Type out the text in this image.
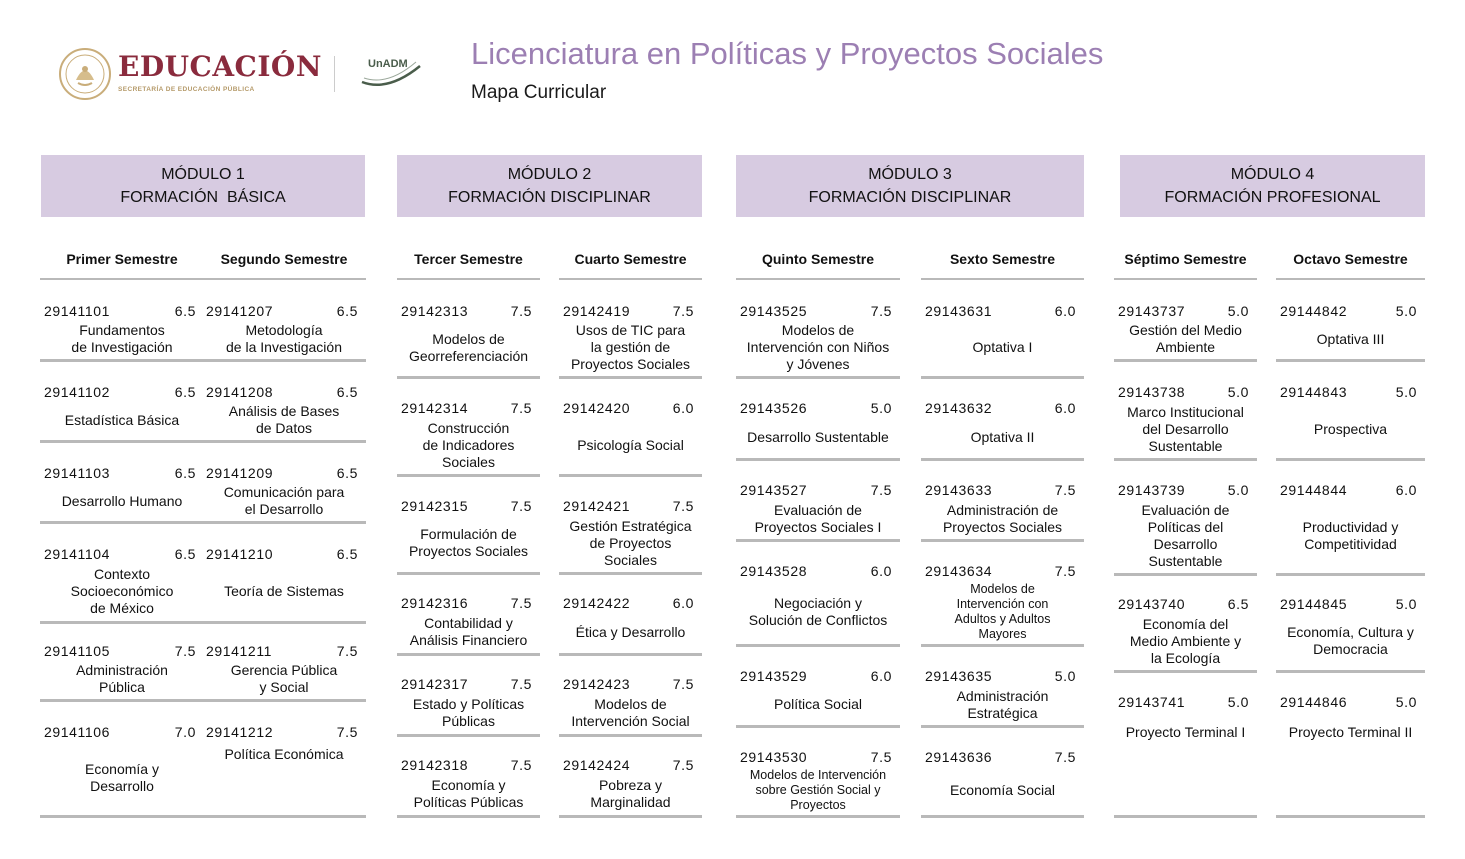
EDUCACIÓN
SECRETARÍA DE EDUCACIÓN PÚBLICA
UnADM Licenciatura en Políticas y Proyectos Sociales
Mapa Curricular
MÓDULO 1
FORMACIÓN  BÁSICA
MÓDULO 2
FORMACIÓN DISCIPLINAR
MÓDULO 3
FORMACIÓN DISCIPLINAR
MÓDULO 4
FORMACIÓN PROFESIONAL
Primer Semestre
29141101	6.5
Fundamentos
de Investigación
29141102	6.5
Estadística Básica
29141103	6.5
Desarrollo Humano
29141104	6.5
Contexto
Socioeconómico
de México
29141105	7.5
Administración
Pública
29141106	7.0
Economía y
Desarrollo
Segundo Semestre
29141207	6.5
Metodología
de la Investigación
29141208	6.5
Análisis de Bases
de Datos
29141209	6.5
Comunicación para
el Desarrollo
29141210	6.5
Teoría de Sistemas
29141211	7.5
Gerencia Pública
y Social
29141212	7.5
Política Económica
Tercer Semestre
29142313	7.5
Modelos de
Georreferenciación
29142314	7.5
Construcción
de Indicadores
Sociales
29142315	7.5
Formulación de
Proyectos Sociales
29142316	7.5
Contabilidad y
Análisis Financiero
29142317	7.5
Estado y Políticas
Públicas
29142318	7.5
Economía y
Políticas Públicas
Cuarto Semestre
29142419	7.5
Usos de TIC para
la gestión de
Proyectos Sociales
29142420	6.0
Psicología Social
29142421	7.5
Gestión Estratégica
de Proyectos
Sociales
29142422	6.0
Ética y Desarrollo
29142423	7.5
Modelos de
Intervención Social
29142424	7.5
Pobreza y
Marginalidad
Quinto Semestre
29143525	7.5
Modelos de
Intervención con Niños
y Jóvenes
29143526	5.0
Desarrollo Sustentable
29143527	7.5
Evaluación de
Proyectos Sociales I
29143528	6.0
Negociación y
Solución de Conflictos
29143529	6.0
Política Social
29143530	7.5
Modelos de Intervención
sobre Gestión Social y
Proyectos
Sexto Semestre
29143631	6.0
Optativa I
29143632	6.0
Optativa II
29143633	7.5
Administración de
Proyectos Sociales
29143634	7.5
Modelos de
Intervención con
Adultos y Adultos
Mayores
29143635	5.0
Administración
Estratégica
29143636	7.5
Economía Social
Séptimo Semestre
29143737	5.0
Gestión del Medio
Ambiente
29143738	5.0
Marco Institucional
del Desarrollo
Sustentable
29143739	5.0
Evaluación de
Políticas del
Desarrollo
Sustentable
29143740	6.5
Economía del
Medio Ambiente y
la Ecología
29143741	5.0
Proyecto Terminal I
Octavo Semestre
29144842	5.0
Optativa III
29144843	5.0
Prospectiva
29144844	6.0
Productividad y
Competitividad
29144845	5.0
Economía, Cultura y
Democracia
29144846	5.0
Proyecto Terminal II
